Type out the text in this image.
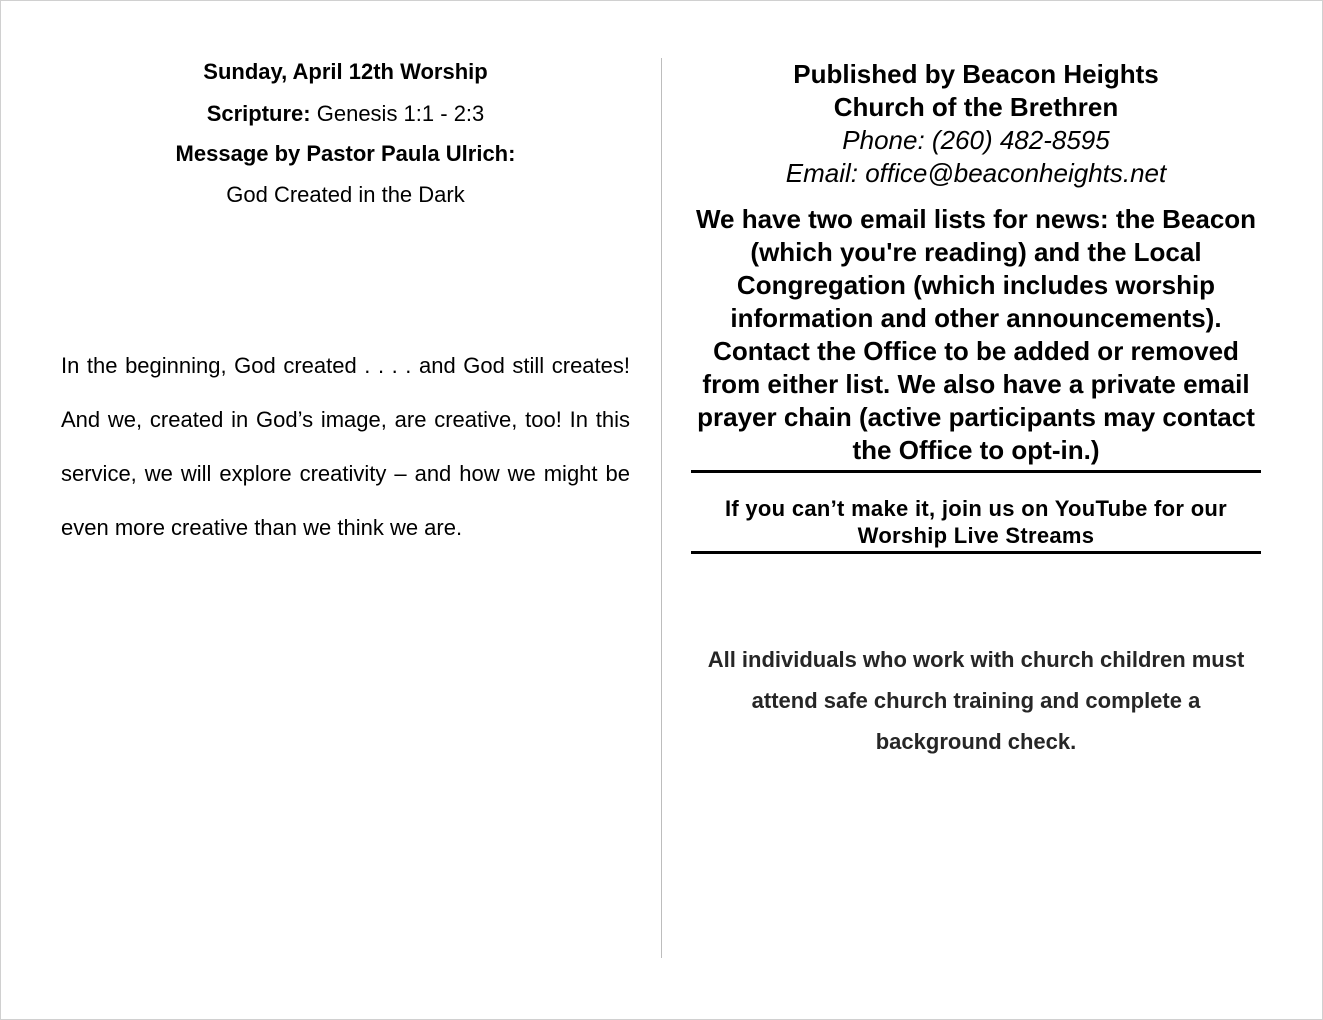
Sunday, April 12th Worship

Scripture: Genesis 1:1 - 2:3

Message by Pastor Paula Ulrich:

God Created in the Dark

In the beginning, God created . . . . and God still creates! And we, created in God’s image, are creative, too! In this service, we will explore creativity – and how we might be even more creative than we think we are.

Published by Beacon Heights

Church of the Brethren

Phone: (260) 482-8595

Email: office@beaconheights.net

We have two email lists for news: the Beacon (which you're reading) and the Local Congregation (which includes worship information and other announcements). Contact the Office to be added or removed from either list. We also have a private email prayer chain (active participants may contact the Office to opt-in.)

If you can’t make it, join us on YouTube for our Worship Live Streams

All individuals who work with church children must attend safe church training and complete a background check.
